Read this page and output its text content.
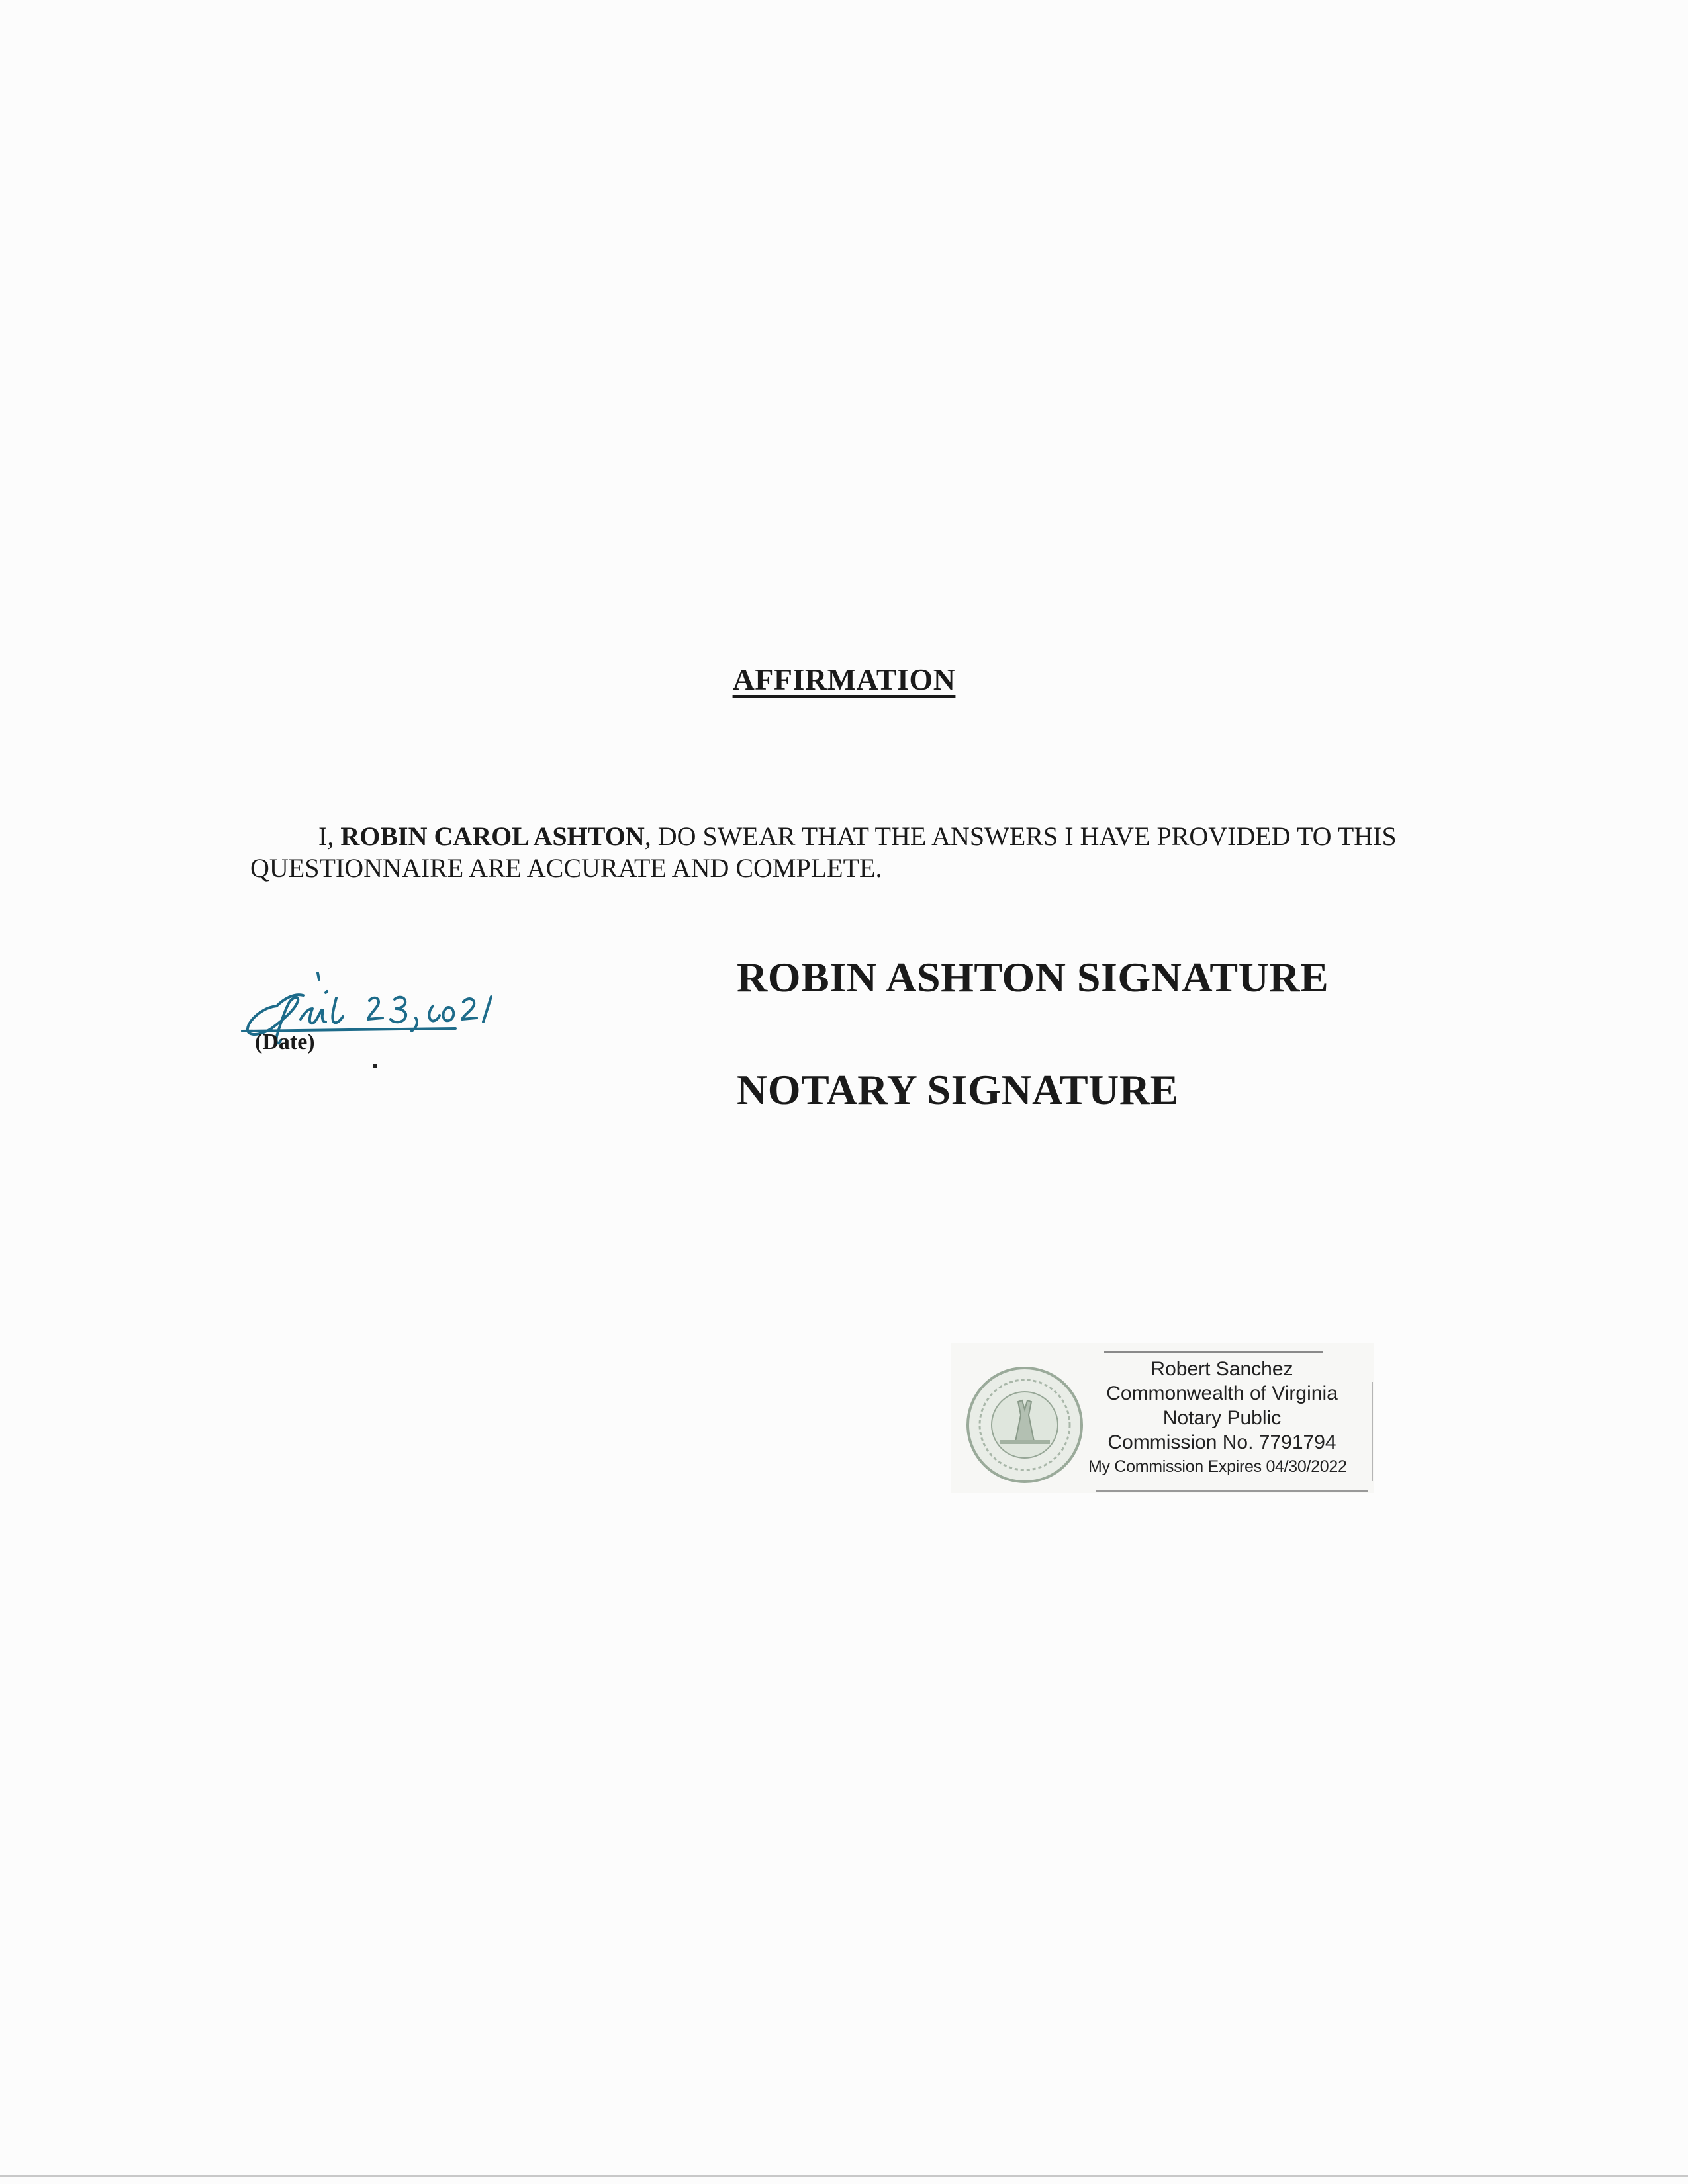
AFFIRMATION
I, ROBIN CAROL ASHTON, DO SWEAR THAT THE ANSWERS I HAVE PROVIDED TO THIS
QUESTIONNAIRE ARE ACCURATE AND COMPLETE.
(Date)
ROBIN ASHTON SIGNATURE
NOTARY SIGNATURE
Robert Sanchez
Commonwealth of Virginia
Notary Public
Commission No. 7791794
My Commission Expires 04/30/2022
